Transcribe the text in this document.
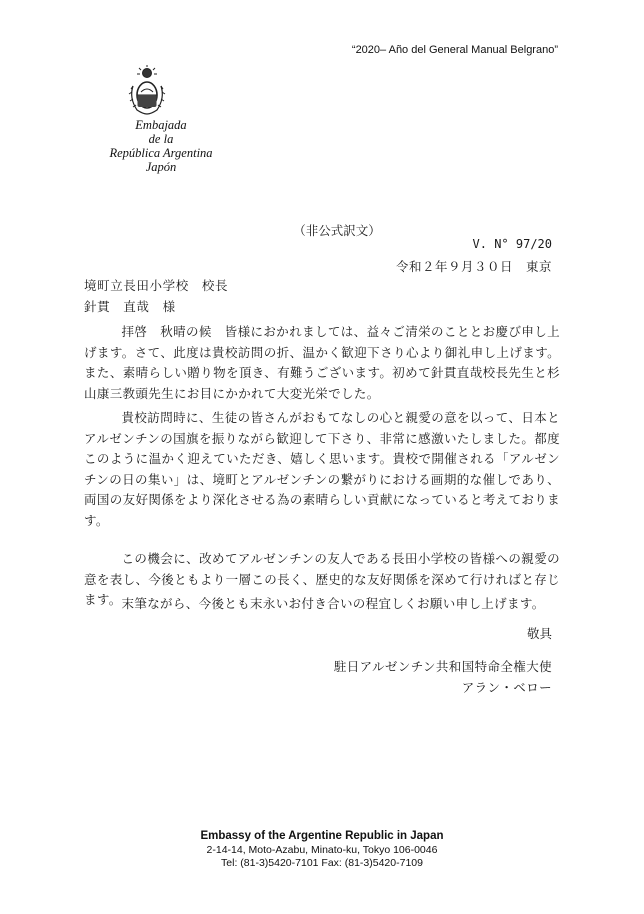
“2020– Año del General Manual Belgrano”
Embajada
de la
República Argentina
Japón
（非公式訳文）
V. N° 97/20
令和２年９月３０日　東京
境町立長田小学校　校長
針貫　直哉　様

拝啓　秋晴の候　皆様におかれましては、益々ご清栄のこととお慶び申し上げます。さて、此度は貴校訪問の折、温かく歓迎下さり心より御礼申し上げます。また、素晴らしい贈り物を頂き、有難うございます。初めて針貫直哉校長先生と杉山康三教頭先生にお目にかかれて大変光栄でした。

貴校訪問時に、生徒の皆さんがおもてなしの心と親愛の意を以って、日本とアルゼンチンの国旗を振りながら歓迎して下さり、非常に感激いたしました。都度このように温かく迎えていただき、嬉しく思います。貴校で開催される「アルゼンチンの日の集い」は、境町とアルゼンチンの繋がりにおける画期的な催しであり、両国の友好関係をより深化させる為の素晴らしい貢献になっていると考えております。

この機会に、改めてアルゼンチンの友人である長田小学校の皆様への親愛の意を表し、今後ともより一層この長く、歴史的な友好関係を深めて行ければと存じます。 末筆ながら、今後とも末永いお付き合いの程宜しくお願い申し上げます。

敬具
駐日アルゼンチン共和国特命全権大使
アラン・ベロー
Embassy of the Argentine Republic in Japan
2-14-14, Moto-Azabu, Minato-ku, Tokyo 106-0046
Tel: (81-3)5420-7101 Fax: (81-3)5420-7109
